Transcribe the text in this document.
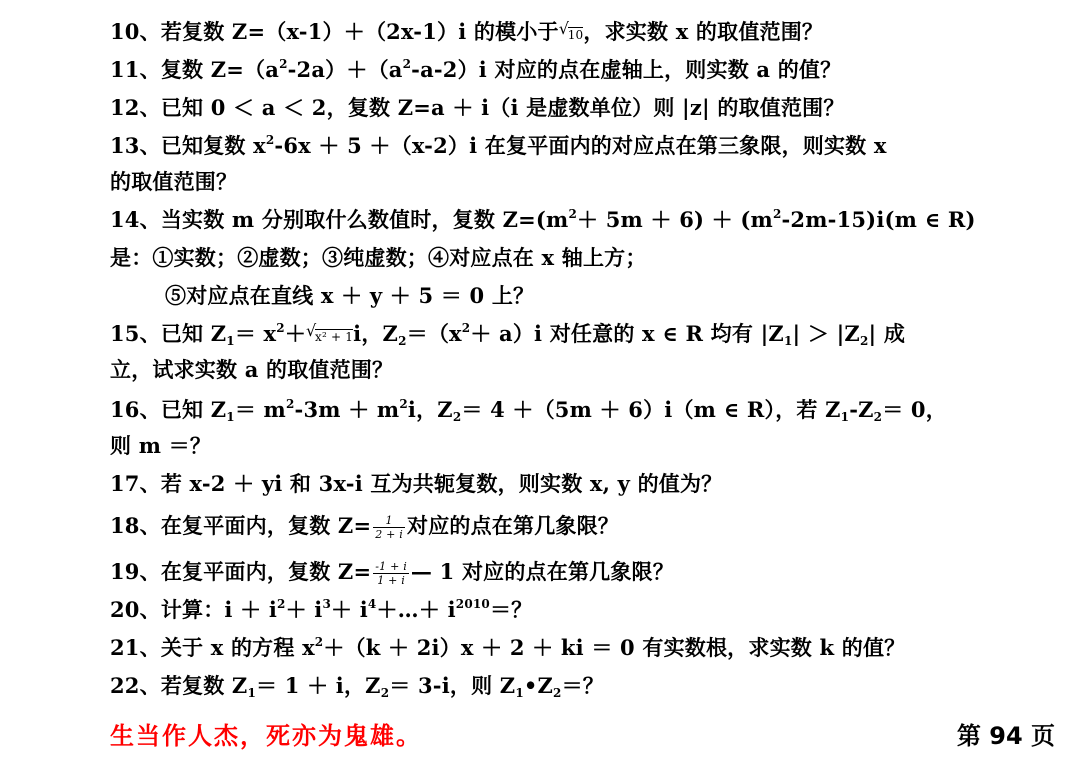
10、若复数 Z=（x-1）＋（2x-1）i 的模小于√ 10，求实数 x 的取值范围？
11、复数 $Z=(a^2-2a)+(a^2-a-2)i$ 对应的点在虚轴上，则实数 a 的值？
12、已知 0 ＜ a ＜ 2，复数 Z=a ＋ i（i 是虚数单位）则 |z| 的取值范围？
13、已知复数 $x^2-6x + 5 +(x-2)i$ 在复平面内的对应点在第三象限，则实数 x
的取值范围？
14、当实数 m 分别取什么数值时，复数 $Z=(m^2+ 5m + 6) + (m^2-2m-15)i(m$ ∈ R)
是：①实数；②虚数；③纯虚数；④对应点在 x 轴上方；
⑤对应点在直线 x ＋ y ＋ 5 ＝ 0 上？
15、已知 $Z_1= x^2+√$ x² + 1i，$Z_2=(x^2+ a)i$ 对任意的 x ∈ R 均有 $|Z_1| > |Z_2|$ 成
立，试求实数 a 的取值范围？
16、已知 $Z_1= m^2-3m + m^2i$，$Z_2= 4 +(5m + 6)i(m$ ∈ R），若 $Z_1-Z_2= 0$，
则 m ＝？
17、若 x-2 ＋ yi 和 3x-i 互为共轭复数，则实数 x, y 的值为？
18、在复平面内，复数 $Z= \frac{1}{2 + i}$ 对应的点在第几象限？
19、在复平面内，复数 $Z= \frac{-1 + i}{1 + i}$ — 1 对应的点在第几象限？
20、计算：$i + i^2+ i^3+$ $i^4+\dots+ i^{2010}=$？
21、关于 x 的方程 $x^2+(k + 2i)x + 2$ ＋ ki ＝ 0 有实数根，求实数 k 的值？
22、若复数 $Z_1= 1 + i$，$Z_2= 3-i$，则 $Z_1•Z_2=$？
生当作人杰，死亦为鬼雄。	第 94 页
